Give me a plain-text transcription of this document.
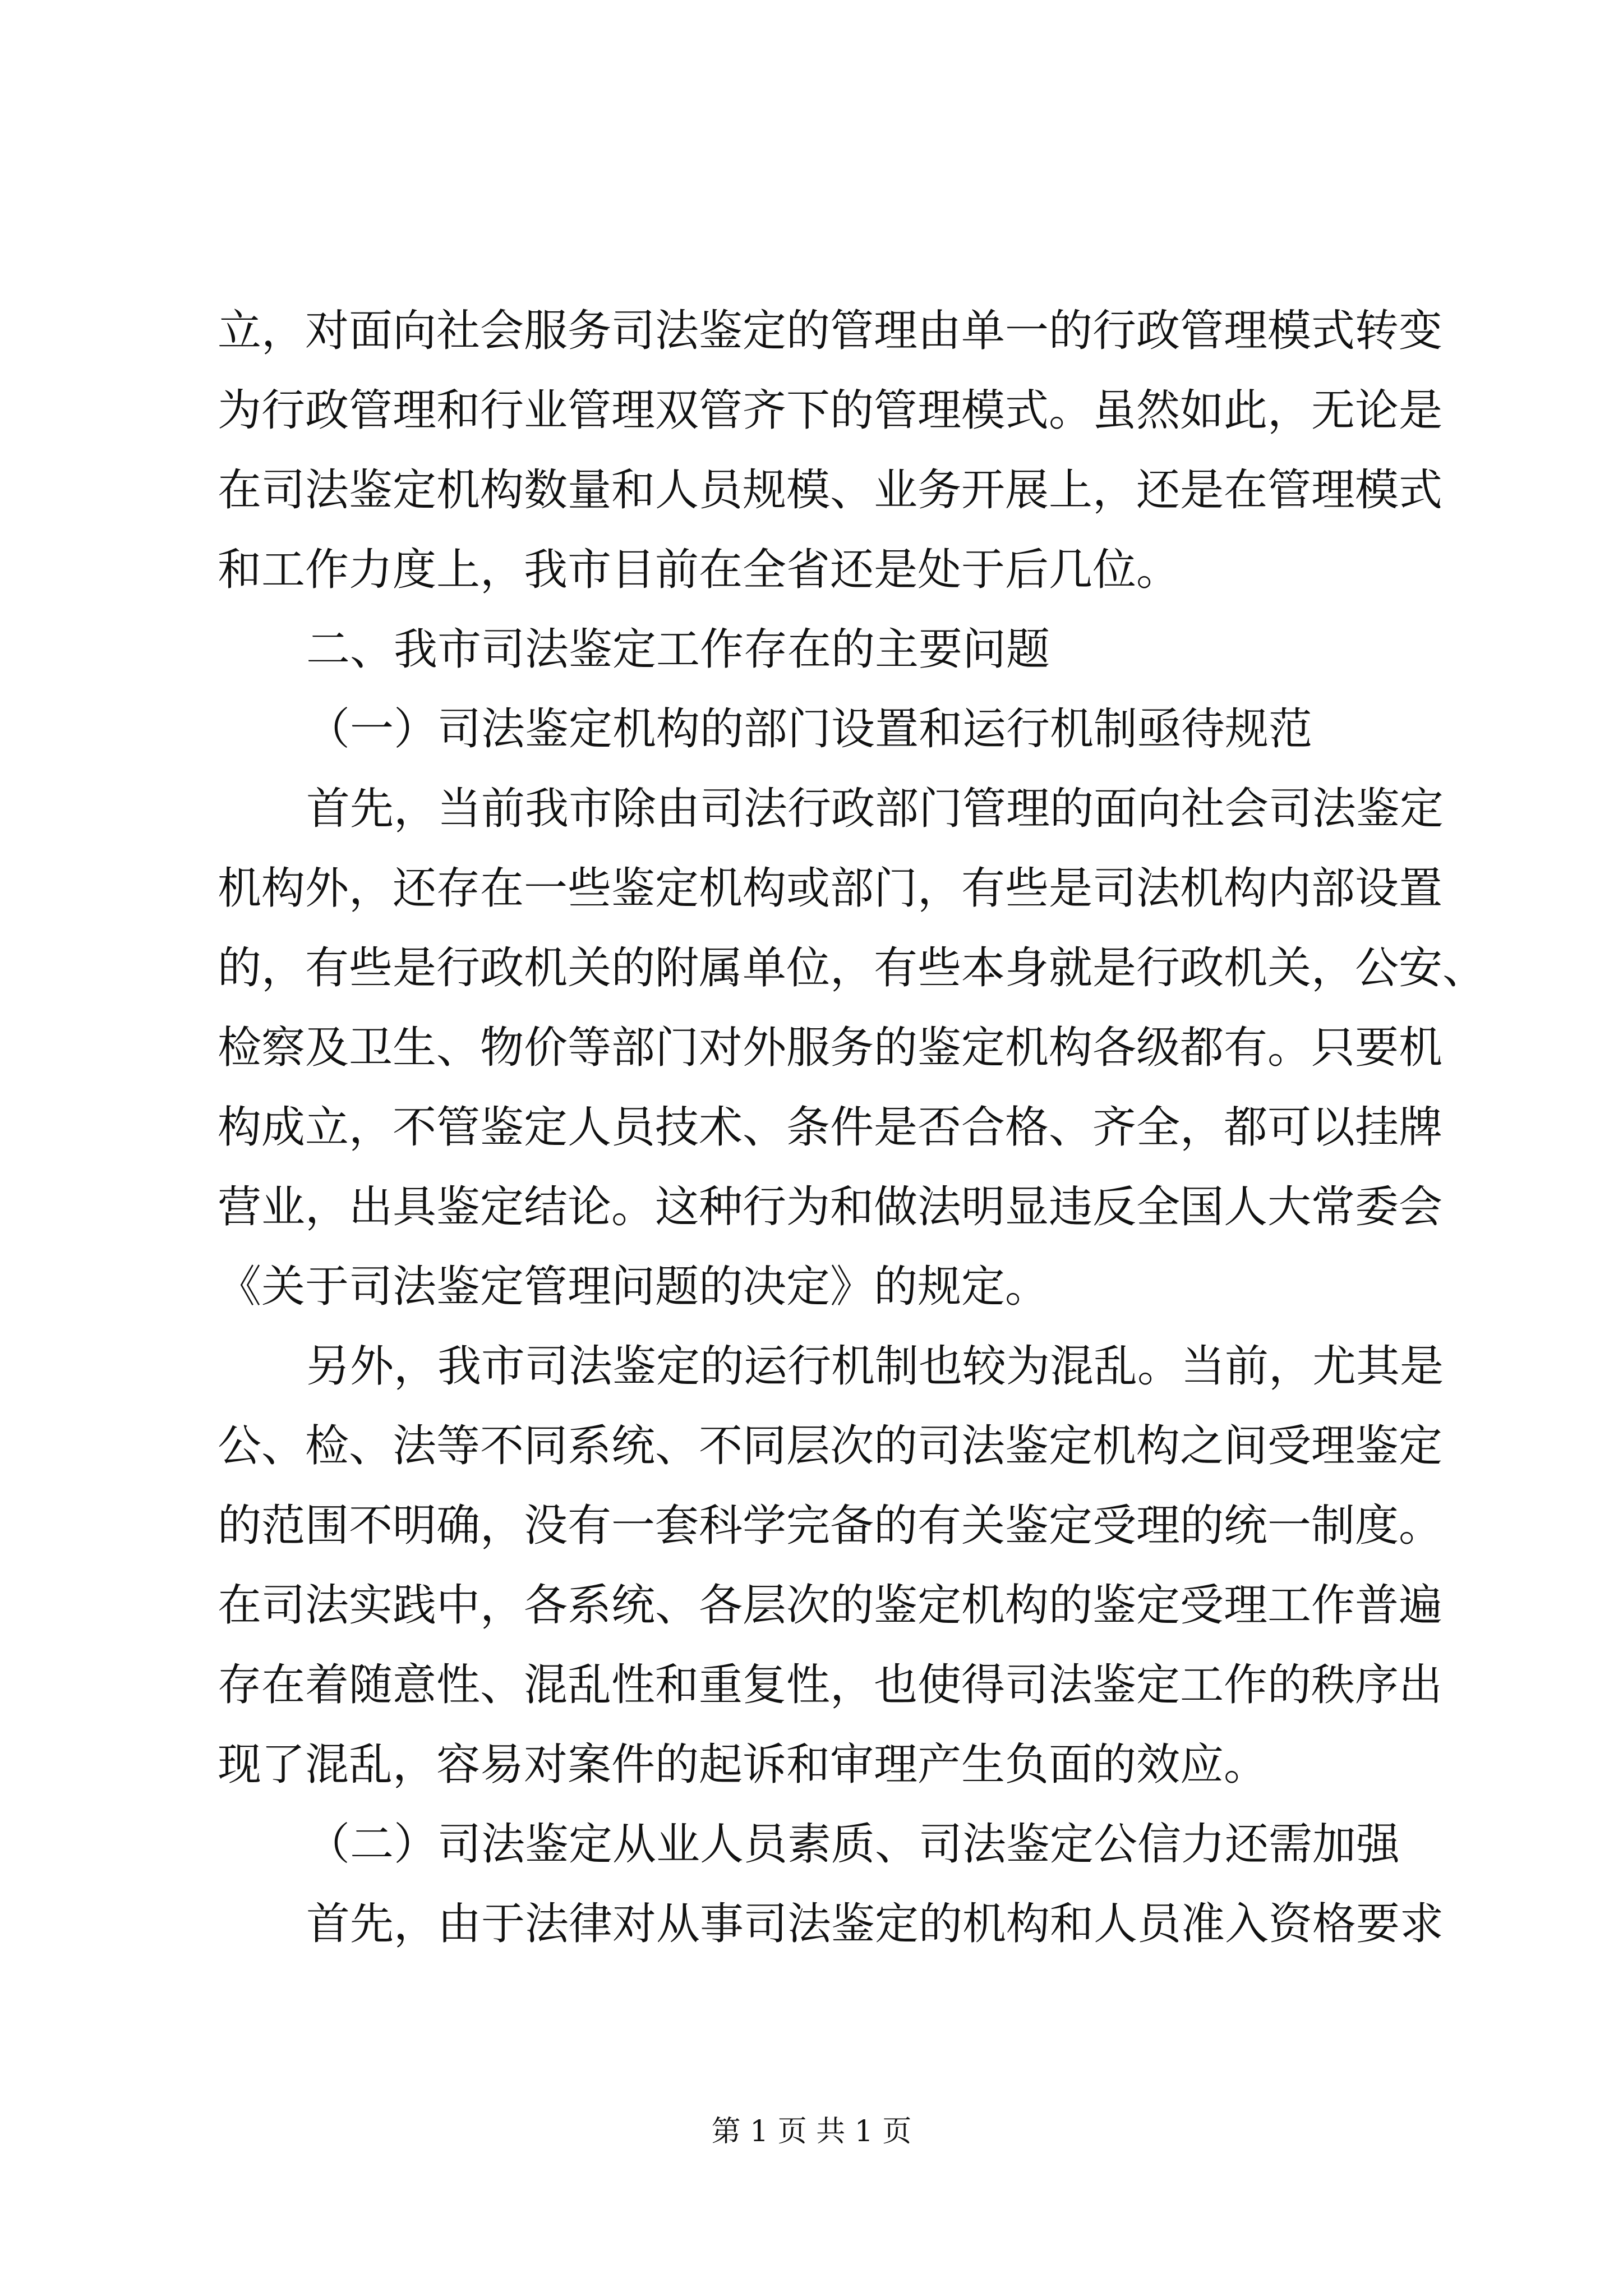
立，对面向社会服务司法鉴定的管理由单一的行政管理模式转变
为行政管理和行业管理双管齐下的管理模式。虽然如此，无论是
在司法鉴定机构数量和人员规模、业务开展上，还是在管理模式
和工作力度上，我市目前在全省还是处于后几位。
二、我市司法鉴定工作存在的主要问题
（一）司法鉴定机构的部门设置和运行机制亟待规范
首先，当前我市除由司法行政部门管理的面向社会司法鉴定
机构外，还存在一些鉴定机构或部门，有些是司法机构内部设置
的，有些是行政机关的附属单位，有些本身就是行政机关，公安、
检察及卫生、物价等部门对外服务的鉴定机构各级都有。只要机
构成立，不管鉴定人员技术、条件是否合格、齐全，都可以挂牌
营业，出具鉴定结论。这种行为和做法明显违反全国人大常委会
《关于司法鉴定管理问题的决定》的规定。
另外，我市司法鉴定的运行机制也较为混乱。当前，尤其是
公、检、法等不同系统、不同层次的司法鉴定机构之间受理鉴定
的范围不明确，没有一套科学完备的有关鉴定受理的统一制度。
在司法实践中，各系统、各层次的鉴定机构的鉴定受理工作普遍
存在着随意性、混乱性和重复性，也使得司法鉴定工作的秩序出
现了混乱，容易对案件的起诉和审理产生负面的效应。
（二）司法鉴定从业人员素质、司法鉴定公信力还需加强
首先，由于法律对从事司法鉴定的机构和人员准入资格要求
第 1 页 共 1 页
